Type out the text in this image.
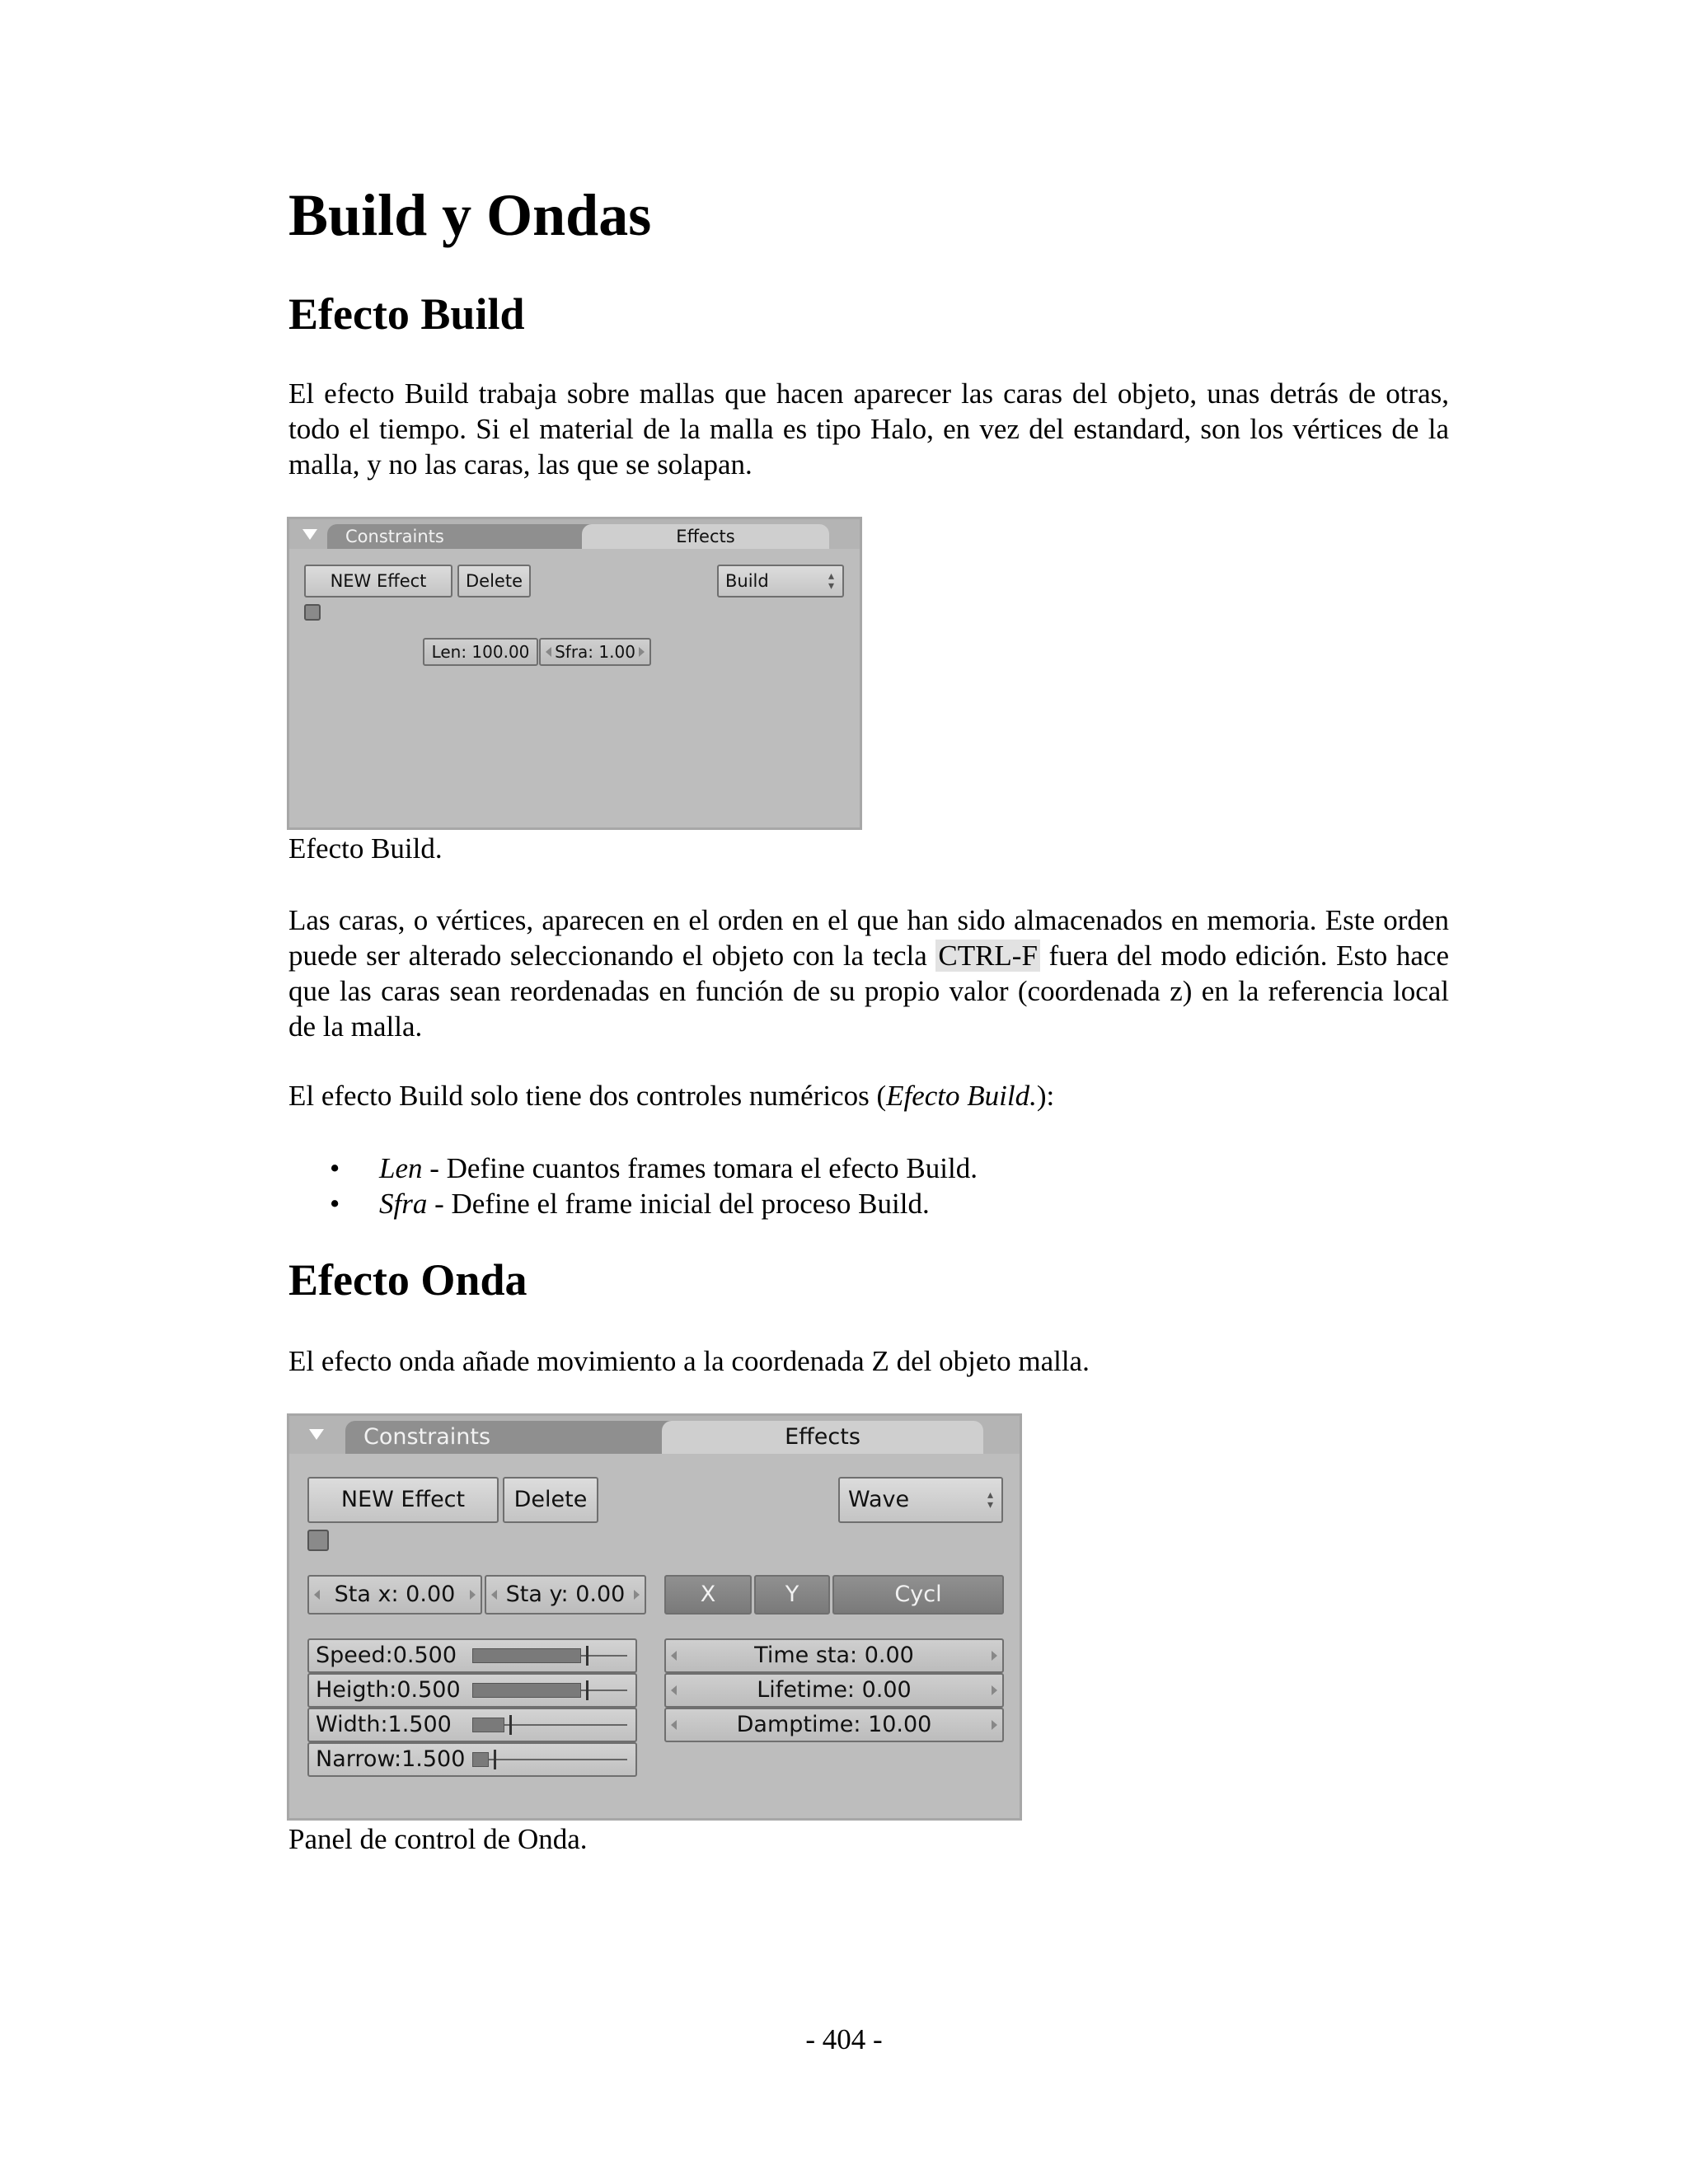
Build y Ondas
Efecto Build

El efecto Build trabaja sobre mallas que hacen aparecer las caras del objeto, unas detrás de otras, todo el tiempo. Si el material de la malla es tipo Halo, en vez del estandard, son los vértices de la malla, y no las caras, las que se solapan.

Constraints	Effects
NEW Effect	Delete	Build	▴
▾
Len: 100.00	Sfra: 1.00

Efecto Build.

Las caras, o vértices, aparecen en el orden en el que han sido almacenados en memoria. Este orden puede ser alterado seleccionando el objeto con la tecla CTRL-F fuera del modo edición. Esto hace que las caras sean reordenadas en función de su propio valor (coordenada z) en la referencia local de la malla.

El efecto Build solo tiene dos controles numéricos (Efecto Build.):

• Len - Define cuantos frames tomara el efecto Build.
• Sfra - Define el frame inicial del proceso Build.
Efecto Onda

El efecto onda añade movimiento a la coordenada Z del objeto malla.

Constraints	Effects
NEW Effect	Delete	Wave	▴
▾
Sta x: 0.00	Sta y: 0.00	X	Y	Cycl
Speed:0.500
Heigth:0.500
Width:1.500
Narrow:1.500
Time sta: 0.00
Lifetime: 0.00
Damptime: 10.00

Panel de control de Onda.

- 404 -
